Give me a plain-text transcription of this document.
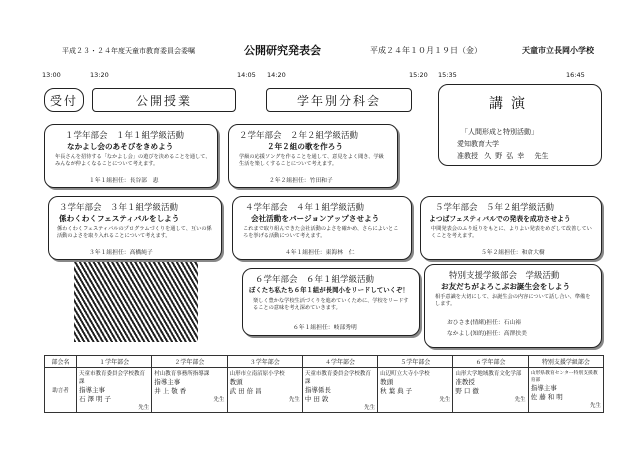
平成２３・２４年度天童市教育委員会委嘱	公開研究発表会	平成２４年１０月１９日（金）	天童市立長岡小学校
13:00	13:20	14:05 14:20	15:20 15:35	16:45
受付	公開授業	学年別分科会	講演
「人間形成と特別活動」
愛知教育大学
准教授 久野弘幸 先生
１学年部会　１年１組学級活動
なかよし会のあそびをきめよう
年長さんを招待する「なかよし会」の遊びを決めることを通して、みんなが仲よくなることについて考えます。
１年１組担任：長谷部　恵
２学年部会　２年２組学級活動
２年２組の歌を作ろう
学級の応援ソングを作ることを通して、意見をよく聞き、学級生活を楽しくすることについて考えます。
２年２組担任：竹田和子
３学年部会　３年１組学級活動
係わくわくフェスティバルをしよう
係わくわくフェスティバルのプログラムづくりを通して、互いの係活動のよさを取り入れることについて考えます。
３年１組担任：高橋純子
４学年部会　４年１組学級活動
会社活動をバージョンアップさせよう
これまで取り組んできた会社活動のよさを確かめ、さらによいところを挙げる活動について考えます。
４年１組担任：東海林　仁
５学年部会　５年２組学級活動
よつばフェスティバルでの発表を成功させよう
中間発表会のふり返りをもとに、よりよい発表をめざして改善していくことを考えます。
５年２組担任：和倉大樹
６学年部会　６年１組学級活動
ぼくたち私たち６年１組が長岡小をリードしていくぞ！
楽しく豊かな学校生活づくりを進めていくために、学校をリードすることの意味を考え深めていきます。
６年１組担任：岐部秀明
特別支援学級部会　学級活動
お友だちがよろこぶお誕生会をしよう
相手意識を大切にして、お誕生会の内容について話し合い、準備をします。
おひさま(情緒)担任：石山裕
なかよし(知的)担任：高澤扶美
部会名	１学年部会	２学年部会	３学年部会	４学年部会	５学年部会	６学年部会	特別支援学級部会
助言者	天童市教育委員会学校教育課
指導主事
石澤明子
先生	村山教育事務所指導課
指導主事
井上敬香
先生	山形市立南沼原小学校
教頭
武田倍昌
先生	天童市教育委員会学校教育課
指導係長
中田敦
先生	山辺町立大寺小学校
教頭
秋葉典子
先生	山形大学地域教育文化学部
准教授
野口徹
先生	山形県教育センター特別支援教育部
指導主事
佐藤和明
先生
